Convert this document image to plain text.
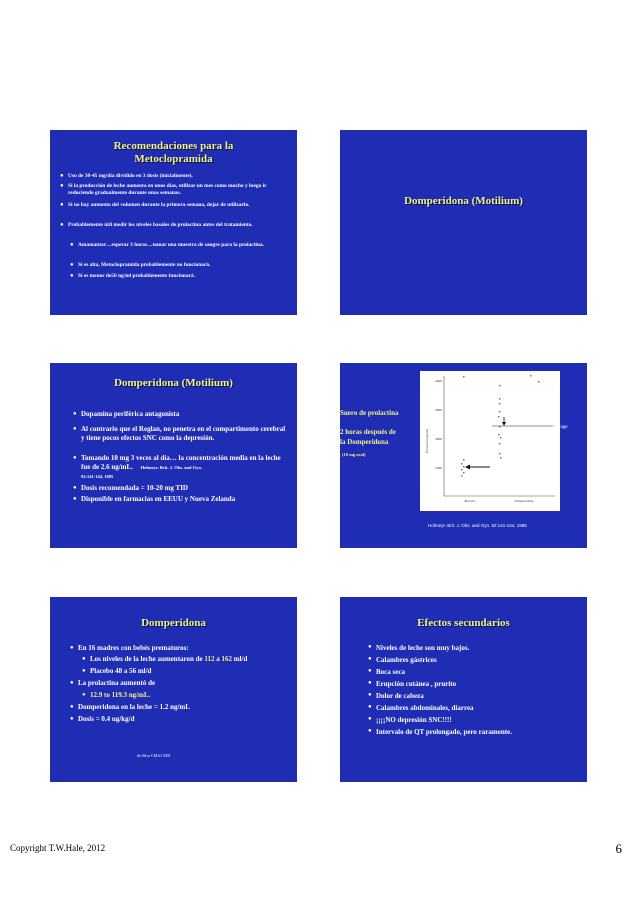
Recomendaciones para la
Metoclopramida
● Uso de 30-45 mg/día dividido en 3 dosis (inicialmente).
● Si la producción de leche aumenta en unos días, utilizar un mes como mucho y luego ir reduciendo gradualmente durante unas semanas.
● Si no hay aumento del volumen durante la primera semana, dejar de utilizarlo.
● Probablemente útil medir los niveles basales de prolactina antes del tratamiento.
● Amamantar…esperar 3 horas…tomar una muestra de sangre para la prolactina.
● Si es alta, Metoclopramida probablemente no funcionará.
● Si es menor de50 ng/ml probablemente funcionará.
Domperidona (Motilium)
Domperidona (Motilium)
● Dopamina periférica antagonista
● Al contrario que el Reglan, no penetra en el compartimento cerebral y tiene pocos efectos SNC como la depresión.
● Tomando 10 mg 3 veces al día… la concentración media en la leche fue de 2.6 ng/mL. Hofmeyr. Brit. J. Obs. and Gyn.
92:141-144, 1985
● Dosis recomendada = 10-20 mg TID
● Disponible en farmacias en EEUU y Nueva Zelanda
Suero de prolactina
2 horas después de
la Domperidona
(10 mg oral)
4000
3000
2000
1000
Prolactin (ng/ml)
Placebo	Domperidone
Average
Hofmeyr. Brit. J. Obs. and Gyn. 92:141-144, 1985
Domperidona
● En 16 madres con bebés prematuros:
● Los niveles de la leche aumentaron de 112 a 162 ml/d
● Placebo 48 a 56 ml/d
● La prolactina aumentó de
● 12.9 to 119.3 ng/mL.
● Domperidona en la leche = 1.2 ng/mL
● Dosis = 0.4 ug/kg/d
da Silva CMAJ 2001
Efectos secundarios
● Niveles de leche son muy bajos.
● Calambres gástricos
● Boca seca
● Erupción cutánea , prurito
● Dolor de cabeza
● Calambres abdominales, diarrea
● ¡¡¡¡NO depresión SNC!!!!
● Intervalo de QT prolongado, pero raramente.
Copyright T.W.Hale, 2012	6
